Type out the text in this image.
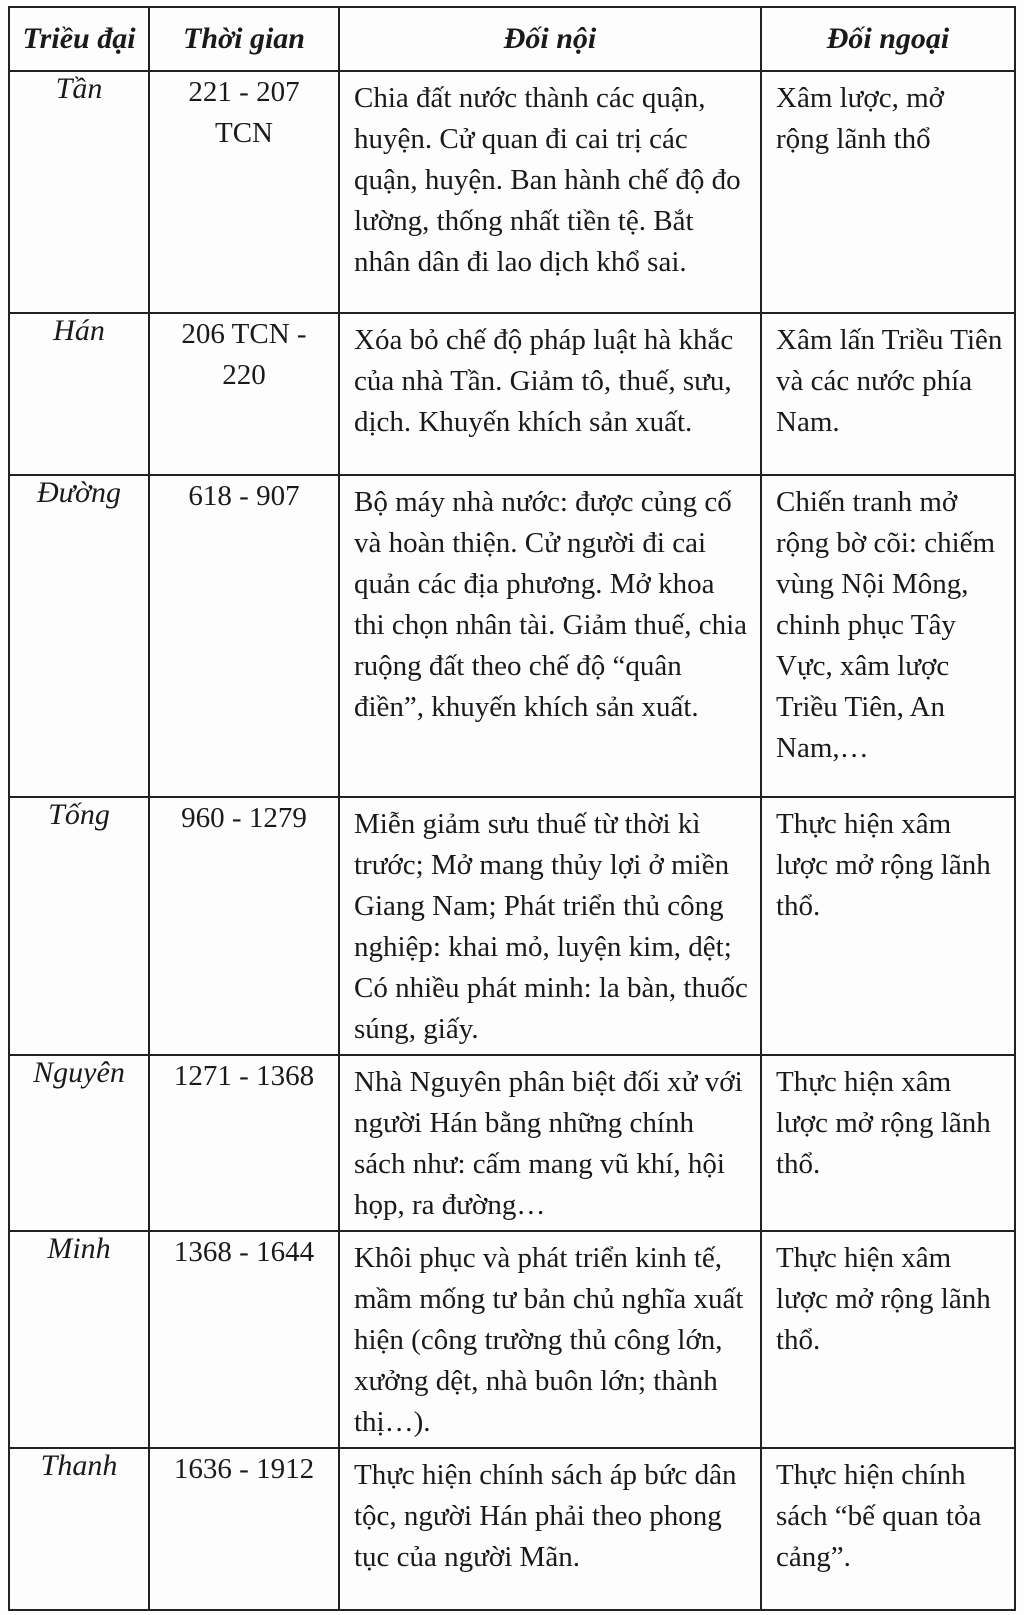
Triều đại	Thời gian	Đối nội	Đối ngoại
Tần	221 - 207 TCN	Chia đất nước thành các quận, huyện. Cử quan đi cai trị các quận, huyện. Ban hành chế độ đo lường, thống nhất tiền tệ. Bắt nhân dân đi lao dịch khổ sai.	Xâm lược, mở rộng lãnh thổ

Hán	206 TCN - 220	Xóa bỏ chế độ pháp luật hà khắc của nhà Tần. Giảm tô, thuế, sưu, dịch. Khuyến khích sản xuất.	Xâm lấn Triều Tiên và các nước phía Nam.

Đường	618 - 907	Bộ máy nhà nước: được củng cố và hoàn thiện. Cử người đi cai quản các địa phương. Mở khoa thi chọn nhân tài. Giảm thuế, chia ruộng đất theo chế độ “quân điền”, khuyến khích sản xuất.	Chiến tranh mở rộng bờ cõi: chiếm vùng Nội Mông, chinh phục Tây Vực, xâm lược Triều Tiên, An Nam,…

Tống	960 - 1279	Miễn giảm sưu thuế từ thời kì trước; Mở mang thủy lợi ở miền Giang Nam; Phát triển thủ công nghiệp: khai mỏ, luyện kim, dệt; Có nhiều phát minh: la bàn, thuốc súng, giấy.	Thực hiện xâm lược mở rộng lãnh thổ.

Nguyên	1271 - 1368	Nhà Nguyên phân biệt đối xử với người Hán bằng những chính sách như: cấm mang vũ khí, hội họp, ra đường…	Thực hiện xâm lược mở rộng lãnh thổ.

Minh	1368 - 1644	Khôi phục và phát triển kinh tế, mầm mống tư bản chủ nghĩa xuất hiện (công trường thủ công lớn, xưởng dệt, nhà buôn lớn; thành thị…).	Thực hiện xâm lược mở rộng lãnh thổ.

Thanh	1636 - 1912	Thực hiện chính sách áp bức dân tộc, người Hán phải theo phong tục của người Mãn.	Thực hiện chính sách “bế quan tỏa cảng”.
